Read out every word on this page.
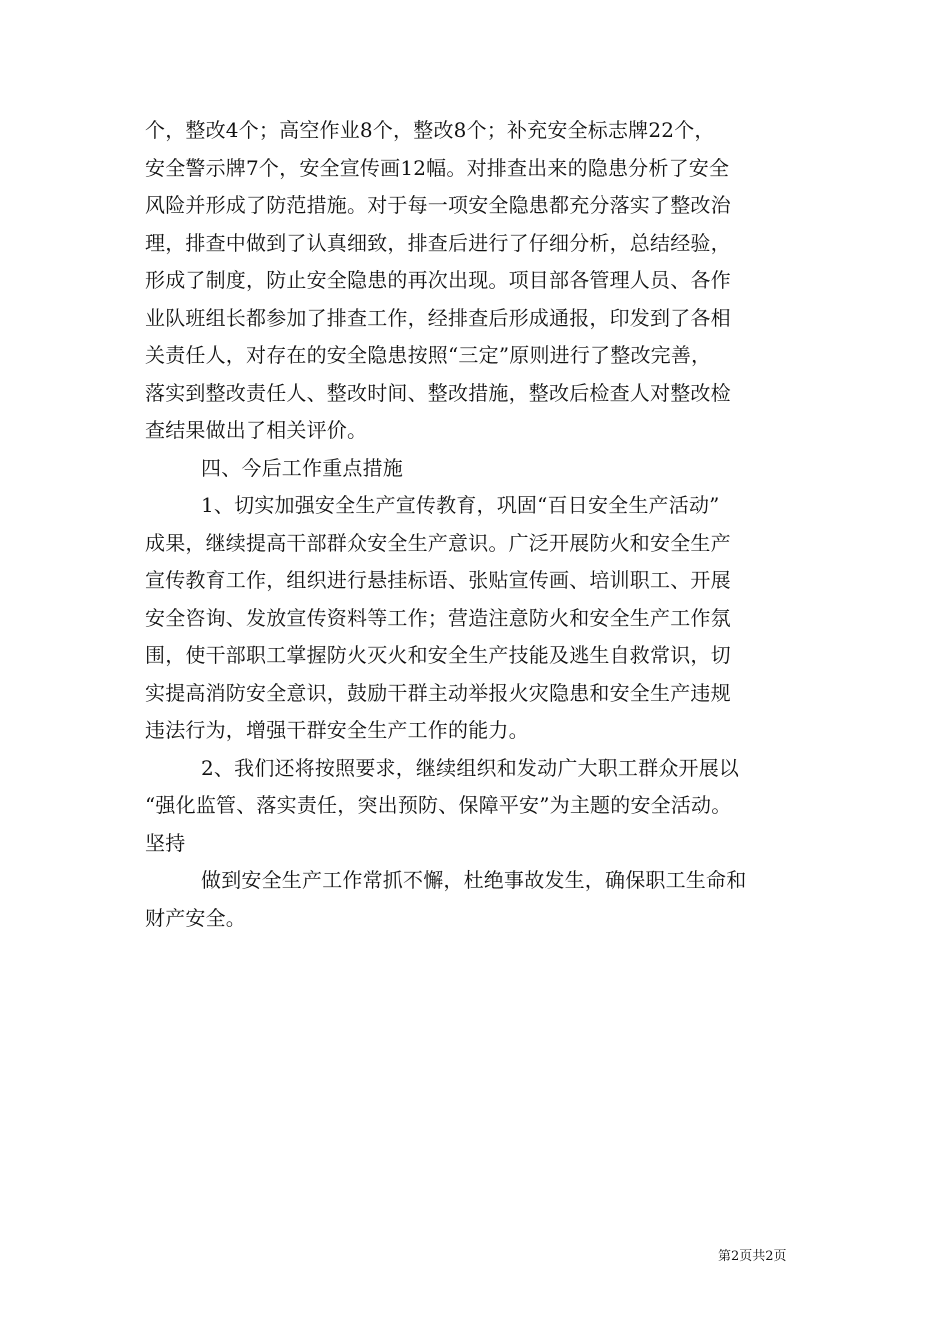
个，整改4个；高空作业8个，整改8个；补充安全标志牌22个，
安全警示牌7个，安全宣传画12幅。对排查出来的隐患分析了安全
风险并形成了防范措施。对于每一项安全隐患都充分落实了整改治
理，排查中做到了认真细致，排查后进行了仔细分析，总结经验，
形成了制度，防止安全隐患的再次出现。项目部各管理人员、各作
业队班组长都参加了排查工作，经排查后形成通报，印发到了各相
关责任人，对存在的安全隐患按照“三定”原则进行了整改完善，
落实到整改责任人、整改时间、整改措施，整改后检查人对整改检
查结果做出了相关评价。
四、今后工作重点措施
1、切实加强安全生产宣传教育，巩固“百日安全生产活动”
成果，继续提高干部群众安全生产意识。广泛开展防火和安全生产
宣传教育工作，组织进行悬挂标语、张贴宣传画、培训职工、开展
安全咨询、发放宣传资料等工作；营造注意防火和安全生产工作氛
围，使干部职工掌握防火灭火和安全生产技能及逃生自救常识，切
实提高消防安全意识，鼓励干群主动举报火灾隐患和安全生产违规
违法行为，增强干群安全生产工作的能力。
2、我们还将按照要求，继续组织和发动广大职工群众开展以
“强化监管、落实责任，突出预防、保障平安”为主题的安全活动。
坚持
做到安全生产工作常抓不懈，杜绝事故发生，确保职工生命和
财产安全。
第2页共2页
